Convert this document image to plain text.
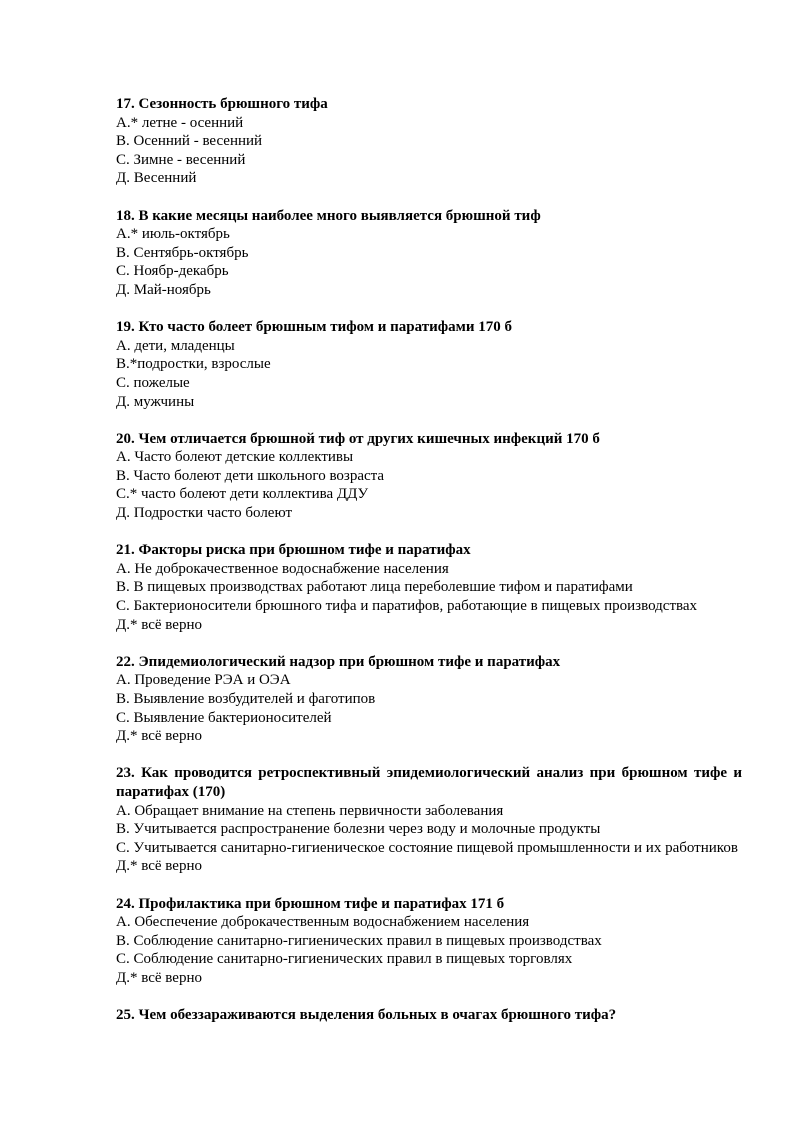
17. Сезонность брюшного тифа

А.* летне - осенний

В. Осенний - весенний

С. Зимне - весенний

Д. Весенний

18. В какие месяцы наиболее много выявляется брюшной тиф

А.* июль-октябрь

В. Сентябрь-октябрь

С. Ноябр-декабрь

Д. Май-ноябрь

19. Кто часто болеет брюшным тифом и паратифами 170 б

А. дети, младенцы

В.*подростки, взрослые

С. пожелые

Д. мужчины

20. Чем отличается брюшной тиф от других кишечных инфекций 170 б

А. Часто болеют детские коллективы

В. Часто болеют дети школьного возраста

С.* часто болеют дети коллектива ДДУ

Д. Подростки часто болеют

21. Факторы риска при брюшном тифе и паратифах

А. Не доброкачественное водоснабжение населения

В. В пищевых производствах работают лица переболевшие тифом и паратифами

С. Бактерионосители брюшного тифа и паратифов, работающие в пищевых производствах

Д.* всё верно

22. Эпидемиологический надзор при брюшном тифе и паратифах

А. Проведение РЭА и ОЭА

В. Выявление возбудителей и фаготипов

С. Выявление бактерионосителей

Д.* всё верно

23. Как проводится ретроспективный эпидемиологический анализ при брюшном тифе и паратифах (170)

А. Обращает внимание на степень первичности заболевания

В. Учитывается распространение болезни через воду и молочные продукты

С. Учитывается санитарно-гигиеническое состояние пищевой промышленности и их работников

Д.* всё верно

24. Профилактика при брюшном тифе и паратифах 171 б

А. Обеспечение доброкачественным водоснабжением населения

В. Соблюдение санитарно-гигиенических правил в пищевых производствах

С. Соблюдение санитарно-гигиенических правил в пищевых торговлях

Д.* всё верно

25. Чем обеззараживаются выделения больных в очагах брюшного тифа?
